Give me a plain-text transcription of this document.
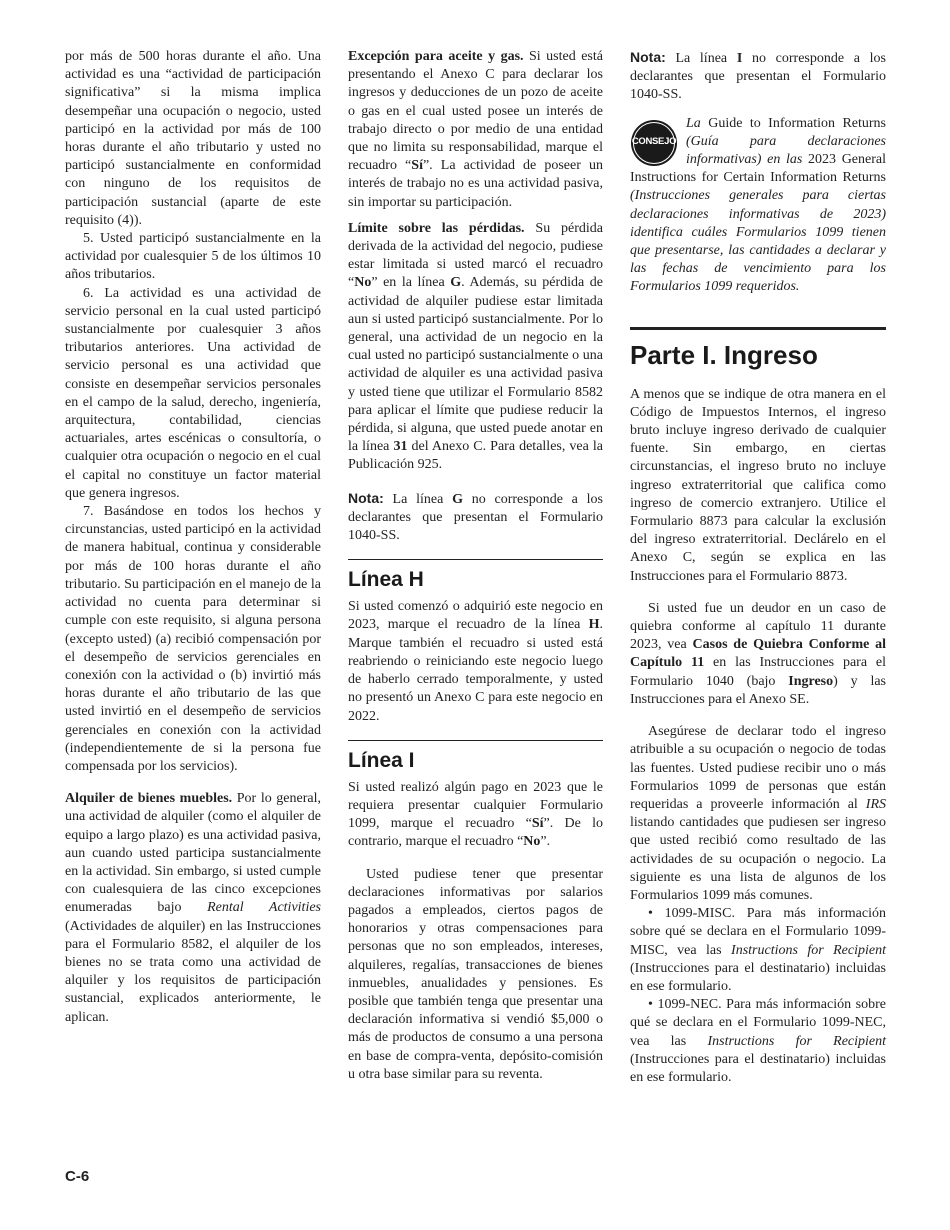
por más de 500 horas durante el año. Una actividad es una “actividad de participación significativa” si la misma implica desempeñar una ocupación o negocio, usted participó en la actividad por más de 100 horas durante el año tributario y usted no participó sustancialmente en conformidad con ninguno de los requisitos de participación sustancial (aparte de este requisito (4)).

5. Usted participó sustancialmente en la actividad por cualesquier 5 de los últimos 10 años tributarios.

6. La actividad es una actividad de servicio personal en la cual usted participó sustancialmente por cualesquier 3 años tributarios anteriores. Una actividad de servicio personal es una actividad que consiste en desempeñar servicios personales en el campo de la salud, derecho, ingeniería, arquitectura, contabilidad, ciencias actuariales, artes escénicas o consultoría, o cualquier otra ocupación o negocio en el cual el capital no constituye un factor material que genera ingresos.

7. Basándose en todos los hechos y circunstancias, usted participó en la actividad de manera habitual, continua y considerable por más de 100 horas durante el año tributario. Su participación en el manejo de la actividad no cuenta para determinar si cumple con este requisito, si alguna persona (excepto usted) (a) recibió compensación por el desempeño de servicios gerenciales en conexión con la actividad o (b) invirtió más horas durante el año tributario de las que usted invirtió en el desempeño de servicios gerenciales en conexión con la actividad (independientemente de si la persona fue compensada por los servicios).

Alquiler de bienes muebles. Por lo general, una actividad de alquiler (como el alquiler de equipo a largo plazo) es una actividad pasiva, aun cuando usted participa sustancialmente en la actividad. Sin embargo, si usted cumple con cualesquiera de las cinco excepciones enumeradas bajo Rental Activities (Actividades de alquiler) en las Instrucciones para el Formulario 8582, el alquiler de los bienes no se trata como una actividad de alquiler y los requisitos de participación sustancial, explicados anteriormente, le aplican.

Excepción para aceite y gas. Si usted está presentando el Anexo C para declarar los ingresos y deducciones de un pozo de aceite o gas en el cual usted posee un interés de trabajo directo o por medio de una entidad que no limita su responsabilidad, marque el recuadro “Sí”. La actividad de poseer un interés de trabajo no es una actividad pasiva, sin importar su participación.

Límite sobre las pérdidas. Su pérdida derivada de la actividad del negocio, pudiese estar limitada si usted marcó el recuadro “No” en la línea G. Además, su pérdida de actividad de alquiler pudiese estar limitada aun si usted participó sustancialmente. Por lo general, una actividad de un negocio en la cual usted no participó sustancialmente o una actividad de alquiler es una actividad pasiva y usted tiene que utilizar el Formulario 8582 para aplicar el límite que pudiese reducir la pérdida, si alguna, que usted puede anotar en la línea 31 del Anexo C. Para detalles, vea la Publicación 925.

Nota: La línea G no corresponde a los declarantes que presentan el Formulario 1040-SS.

Línea H

Si usted comenzó o adquirió este negocio en 2023, marque el recuadro de la línea H. Marque también el recuadro si usted está reabriendo o reiniciando este negocio luego de haberlo cerrado temporalmente, y usted no presentó un Anexo C para este negocio en 2022.

Línea I

Si usted realizó algún pago en 2023 que le requiera presentar cualquier Formulario 1099, marque el recuadro “Sí”. De lo contrario, marque el recuadro “No”.

Usted pudiese tener que presentar declaraciones informativas por salarios pagados a empleados, ciertos pagos de honorarios y otras compensaciones para personas que no son empleados, intereses, alquileres, regalías, transacciones de bienes inmuebles, anualidades y pensiones. Es posible que también tenga que presentar una declaración informativa si vendió $5,000 o más de productos de consumo a una persona en base de compra-venta, depósito-comisión u otra base similar para su reventa.

Nota: La línea I no corresponde a los declarantes que presentan el Formulario 1040-SS.

CONSEJO

La Guide to Information Returns (Guía para declaraciones informativas) en las 2023 General Instructions for Certain Information Returns (Instrucciones generales para ciertas declaraciones informativas de 2023) identifica cuáles Formularios 1099 tienen que presentarse, las cantidades a declarar y las fechas de vencimiento para los Formularios 1099 requeridos.

Parte I. Ingreso

A menos que se indique de otra manera en el Código de Impuestos Internos, el ingreso bruto incluye ingreso derivado de cualquier fuente. Sin embargo, en ciertas circunstancias, el ingreso bruto no incluye ingreso extraterritorial que califica como ingreso de comercio extranjero. Utilice el Formulario 8873 para calcular la exclusión del ingreso extraterritorial. Declárelo en el Anexo C, según se explica en las Instrucciones para el Formulario 8873.

Si usted fue un deudor en un caso de quiebra conforme al capítulo 11 durante 2023, vea Casos de Quiebra Conforme al Capítulo 11 en las Instrucciones para el Formulario 1040 (bajo Ingreso) y las Instrucciones para el Anexo SE.

Asegúrese de declarar todo el ingreso atribuible a su ocupación o negocio de todas las fuentes. Usted pudiese recibir uno o más Formularios 1099 de personas que están requeridas a proveerle información al IRS listando cantidades que pudiesen ser ingreso que usted recibió como resultado de las actividades de su ocupación o negocio. La siguiente es una lista de algunos de los Formularios 1099 más comunes.

• 1099-MISC. Para más información sobre qué se declara en el Formulario 1099-MISC, vea las Instructions for Recipient (Instrucciones para el destinatario) incluidas en ese formulario.

• 1099-NEC. Para más información sobre qué se declara en el Formulario 1099-NEC, vea las Instructions for Recipient (Instrucciones para el destinatario) incluidas en ese formulario.

C-6
